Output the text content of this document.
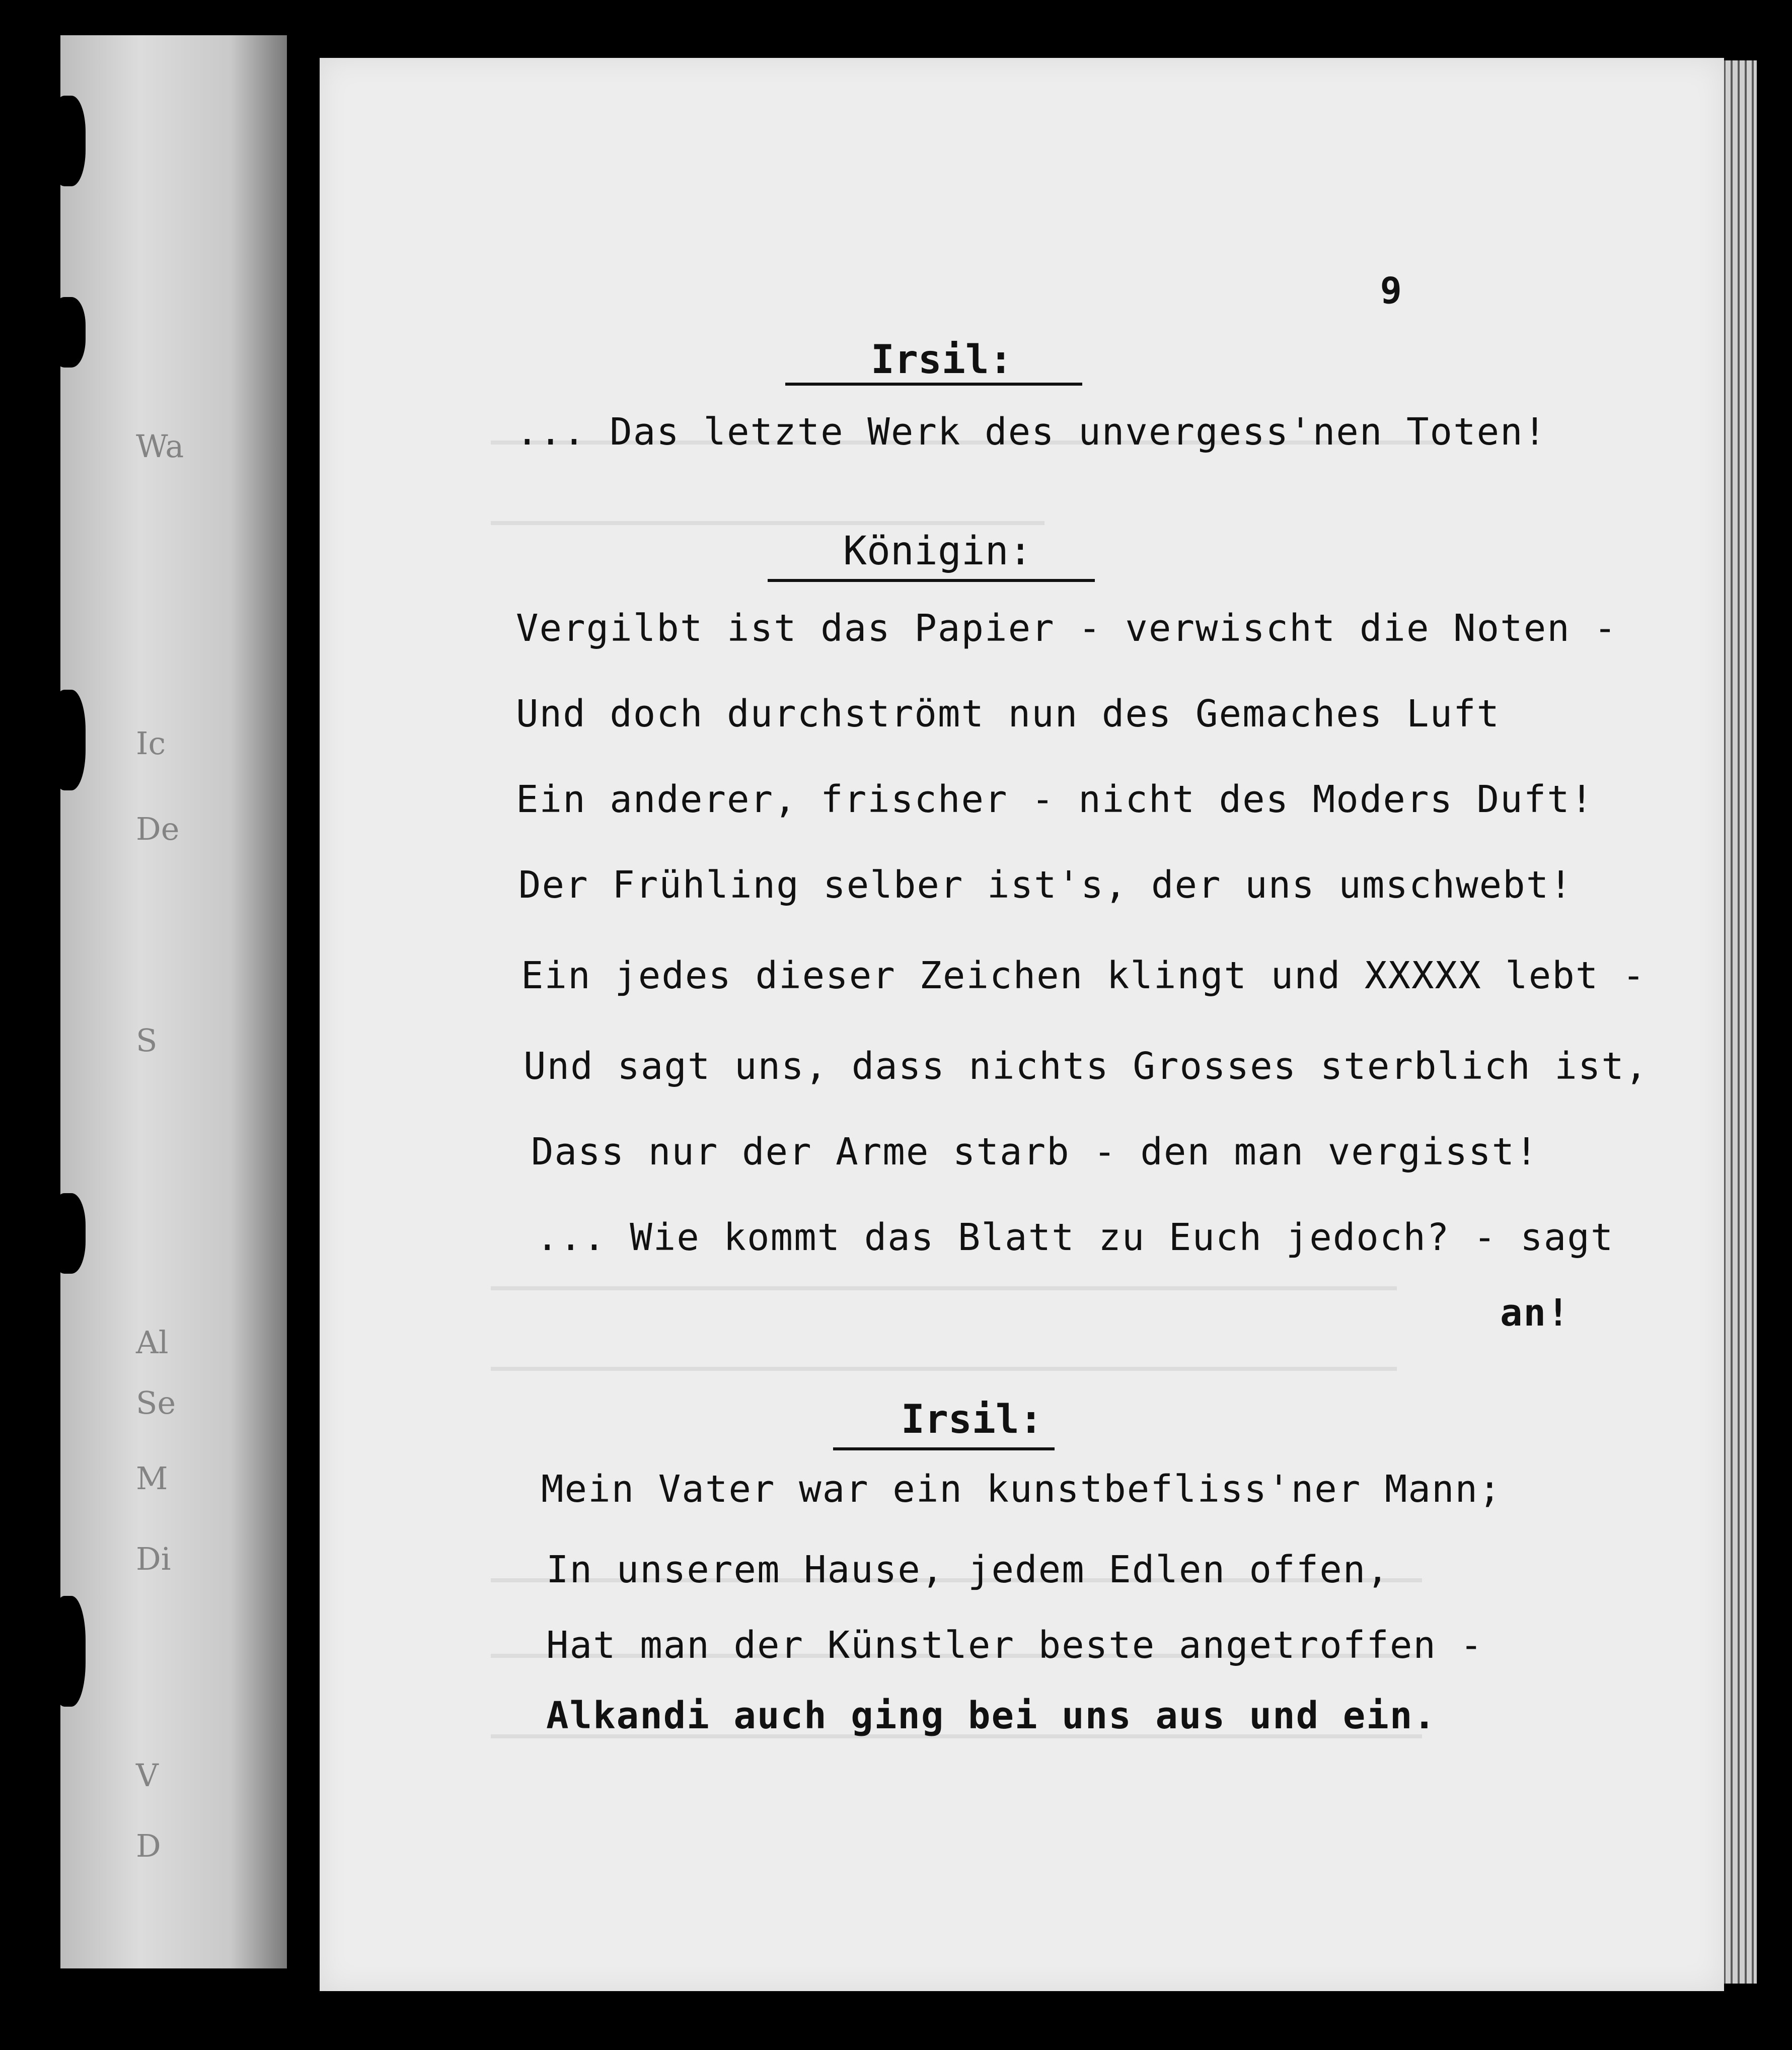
Wa
Ic
De
S
Al
Se
M
Di
V
D
9
Irsil:
... Das letzte Werk des unvergess'nen Toten!
Königin:
Vergilbt ist das Papier - verwischt die Noten -
Und doch durchströmt nun des Gemaches Luft
Ein anderer, frischer - nicht des Moders Duft!
Der Frühling selber ist's, der uns umschwebt!
Ein jedes dieser Zeichen klingt und XXXXX lebt -
Und sagt uns, dass nichts Grosses sterblich ist,
Dass nur der Arme starb - den man vergisst!
... Wie kommt das Blatt zu Euch jedoch? - sagt
an!
Irsil:
Mein Vater war ein kunstbefliss'ner Mann;
In unserem Hause, jedem Edlen offen,
Hat man der Künstler beste angetroffen -
Alkandi auch ging bei uns aus und ein.
